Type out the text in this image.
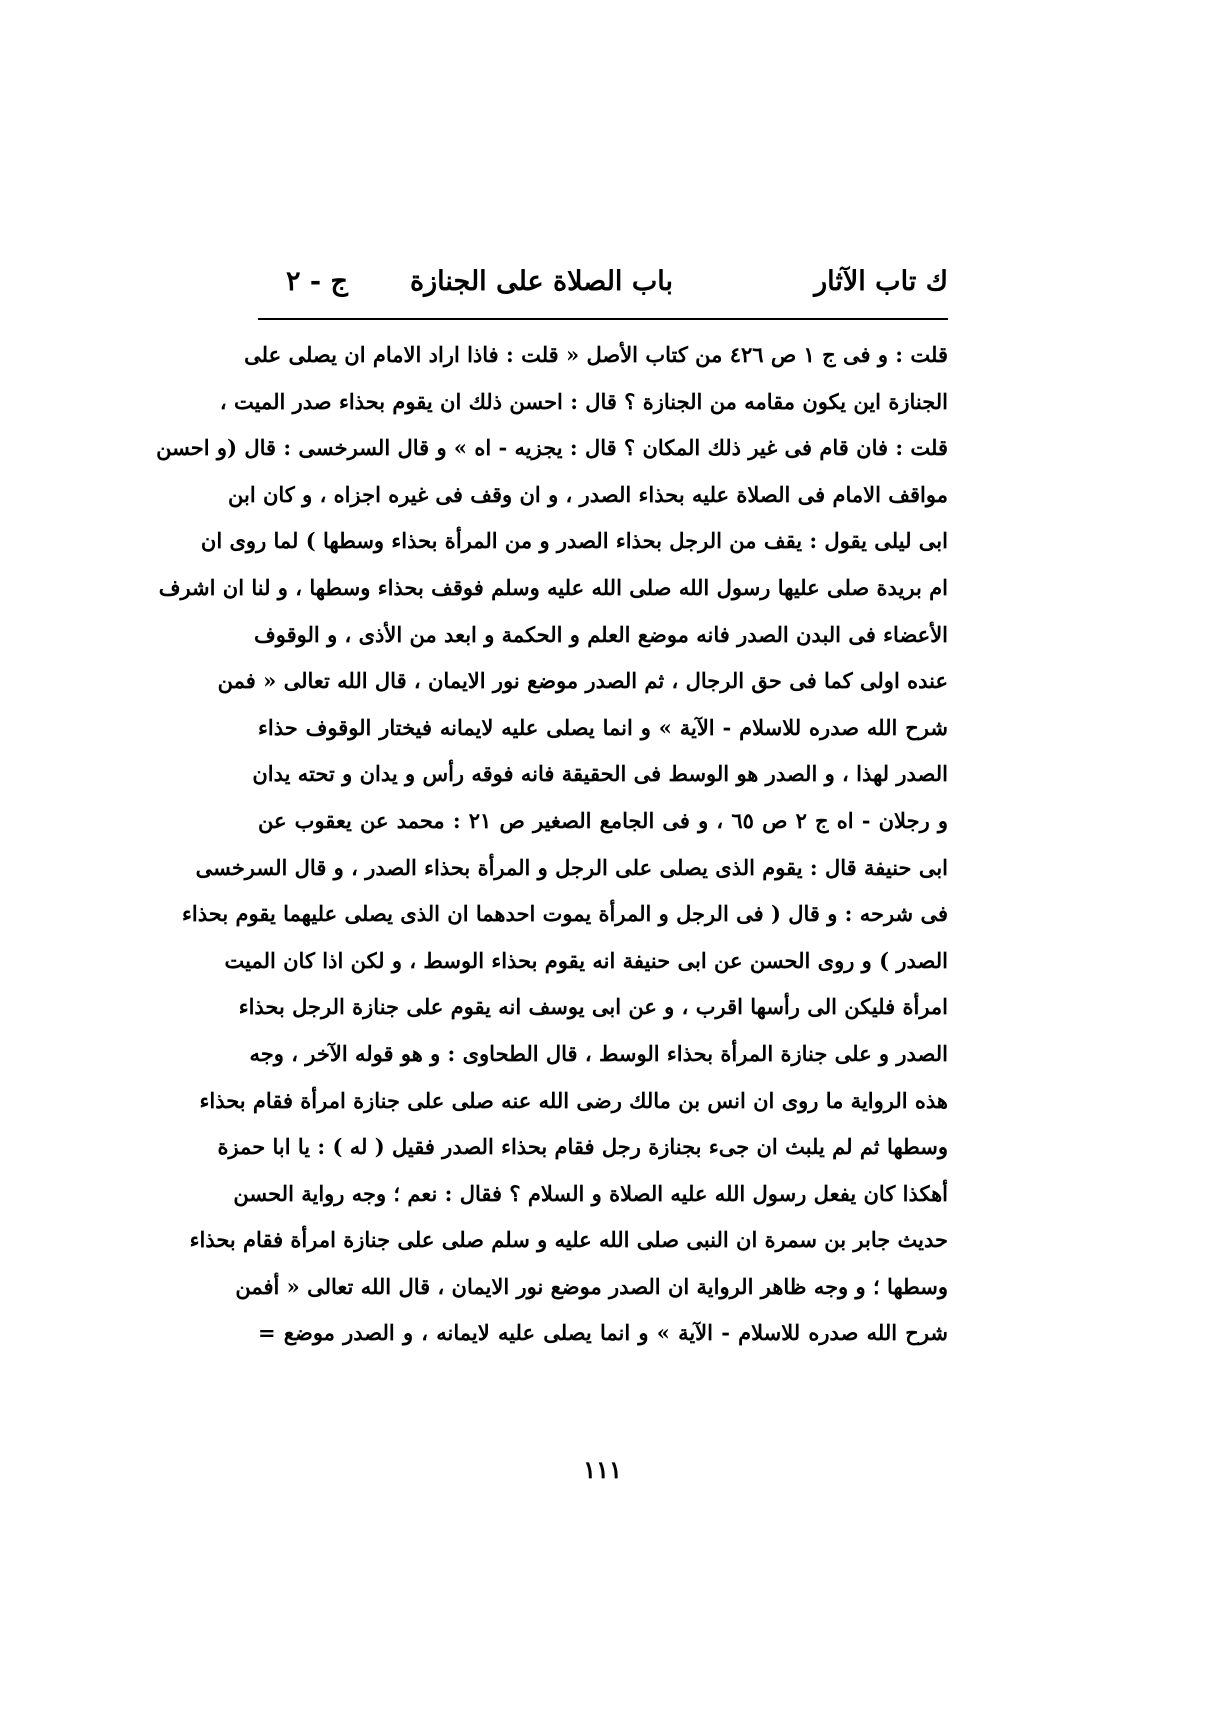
ﻙ تاب الآثار
باب الصلاة على الجنازة
ج - ٢
قلت : و فى ج ١ ص ٤٢٦ من كتاب الأصل « قلت : فاذا اراد الامام ان يصلى على
الجنازة اين يكون مقامه من الجنازة ؟ قال : احسن ذلك ان يقوم بحذاء صدر الميت ،
قلت : فان قام فى غير ذلك المكان ؟ قال : يجزيه - اه » و قال السرخسى : قال (و احسن
مواقف الامام فى الصلاة عليه بحذاء الصدر ، و ان وقف فى غيره اجزاه ، و كان ابن
ابى ليلى يقول : يقف من الرجل بحذاء الصدر و من المرأة بحذاء وسطها ) لما روى ان
ام بريدة صلى عليها رسول الله صلى الله عليه وسلم فوقف بحذاء وسطها ، و لنا ان اشرف
الأعضاء فى البدن الصدر فانه موضع العلم و الحكمة و ابعد من الأذى ، و الوقوف
عنده اولى كما فى حق الرجال ، ثم الصدر موضع نور الايمان ، قال الله تعالى « فمن
شرح الله صدره للاسلام - الآية » و انما يصلى عليه لايمانه فيختار الوقوف حذاء
الصدر لهذا ، و الصدر هو الوسط فى الحقيقة فانه فوقه رأس و يدان و تحته يدان
و رجلان - اه ج ٢ ص ٦٥ ، و فى الجامع الصغير ص ٢١ : محمد عن يعقوب عن
ابى حنيفة قال : يقوم الذى يصلى على الرجل و المرأة بحذاء الصدر ، و قال السرخسى
فى شرحه : و قال ( فى الرجل و المرأة يموت احدهما ان الذى يصلى عليهما يقوم بحذاء
الصدر ) و روى الحسن عن ابى حنيفة انه يقوم بحذاء الوسط ، و لكن اذا كان الميت
امرأة فليكن الى رأسها اقرب ، و عن ابى يوسف انه يقوم على جنازة الرجل بحذاء
الصدر و على جنازة المرأة بحذاء الوسط ، قال الطحاوى : و هو قوله الآخر ، وجه
هذه الرواية ما روى ان انس بن مالك رضى الله عنه صلى على جنازة امرأة فقام بحذاء
وسطها ثم لم يلبث ان جىء بجنازة رجل فقام بحذاء الصدر فقيل ( له ) : يا ابا حمزة
أهكذا كان يفعل رسول الله عليه الصلاة و السلام ؟ فقال : نعم ؛ وجه رواية الحسن
حديث جابر بن سمرة ان النبى صلى الله عليه و سلم صلى على جنازة امرأة فقام بحذاء
وسطها ؛ و وجه ظاهر الرواية ان الصدر موضع نور الايمان ، قال الله تعالى « أفمن
شرح الله صدره للاسلام - الآية » و انما يصلى عليه لايمانه ، و الصدر موضع =
١١١
